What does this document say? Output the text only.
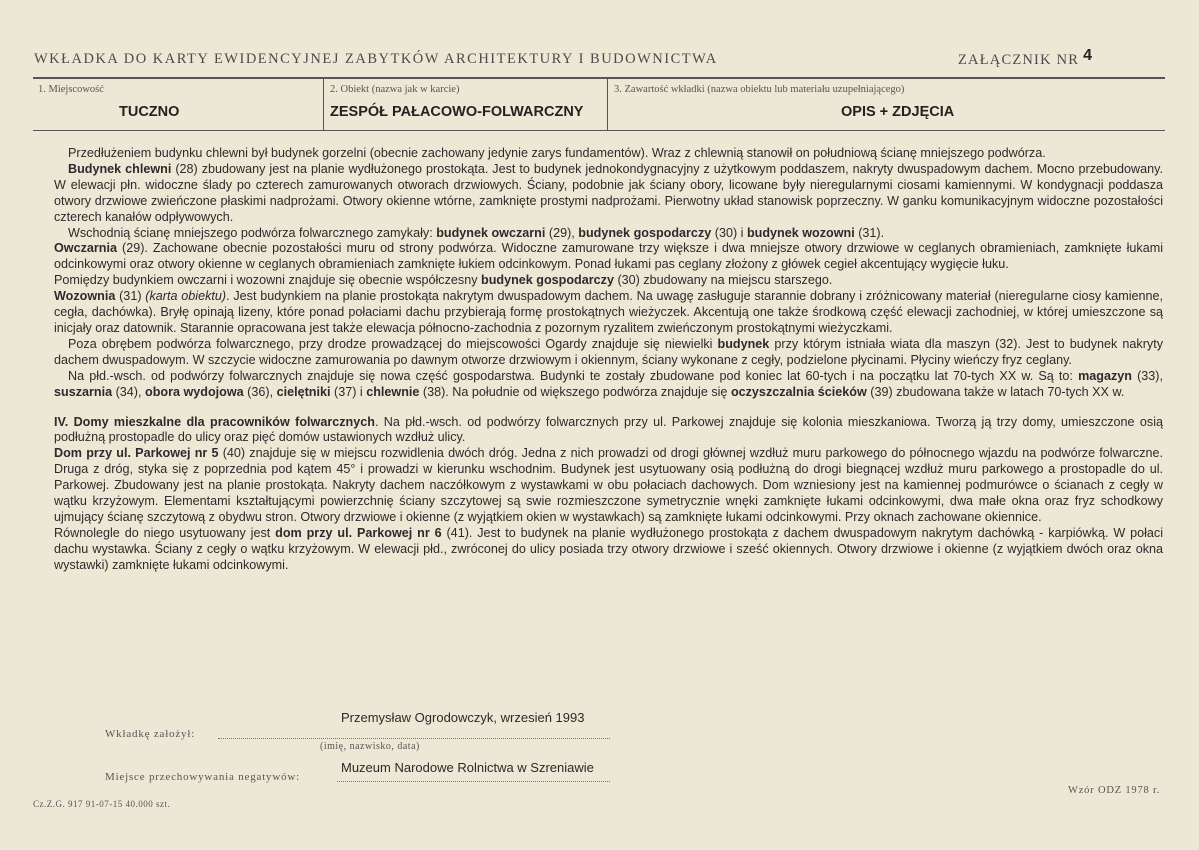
WKŁADKA DO KARTY EWIDENCYJNEJ ZABYTKÓW ARCHITEKTURY I BUDOWNICTWA	ZAŁĄCZNIK NR 4
1. Miejscowość
TUCZNO
2. Obiekt (nazwa jak w karcie)
ZESPÓŁ PAŁACOWO-FOLWARCZNY
3. Zawartość wkładki (nazwa obiektu lub materiału uzupełniającego)
OPIS + ZDJĘCIA

Przedłużeniem budynku chlewni był budynek gorzelni (obecnie zachowany jedynie zarys fundamentów). Wraz z chlewnią stanowił on południową ścianę mniejszego podwórza.

Budynek chlewni (28) zbudowany jest na planie wydłużonego prostokąta. Jest to budynek jednokondygnacyjny z użytkowym poddaszem, nakryty dwuspadowym dachem. Mocno przebudowany. W elewacji płn. widoczne ślady po czterech zamurowanych otworach drzwiowych. Ściany, podobnie jak ściany obory, licowane były nieregularnymi ciosami kamiennymi. W kondygnacji poddasza otwory drzwiowe zwieńczone płaskimi nadprożami. Otwory okienne wtórne, zamknięte prostymi nadprożami. Pierwotny układ stanowisk poprzeczny. W ganku komunikacyjnym widoczne pozostałości czterech kanałów odpływowych.

Wschodnią ścianę mniejszego podwórza folwarcznego zamykały: budynek owczarni (29), budynek gospodarczy (30) i budynek wozowni (31).

Owczarnia (29). Zachowane obecnie pozostałości muru od strony podwórza. Widoczne zamurowane trzy większe i dwa mniejsze otwory drzwiowe w ceglanych obramieniach, zamknięte łukami odcinkowymi oraz otwory okienne w ceglanych obramieniach zamknięte łukiem odcinkowym. Ponad łukami pas ceglany złożony z główek cegieł akcentujący wygięcie łuku.

Pomiędzy budynkiem owczarni i wozowni znajduje się obecnie współczesny budynek gospodarczy (30) zbudowany na miejscu starszego.

Wozownia (31) (karta obiektu). Jest budynkiem na planie prostokąta nakrytym dwuspadowym dachem. Na uwagę zasługuje starannie dobrany i zróżnicowany materiał (nieregularne ciosy kamienne, cegła, dachówka). Bryłę opinają lizeny, które ponad połaciami dachu przybierają formę prostokątnych wieżyczek. Akcentują one także środkową część elewacji zachodniej, w której umieszczone są inicjały oraz datownik. Starannie opracowana jest także elewacja północno-zachodnia z pozornym ryzalitem zwieńczonym prostokątnymi wieżyczkami.

Poza obrębem podwórza folwarcznego, przy drodze prowadzącej do miejscowości Ogardy znajduje się niewielki budynek przy którym istniała wiata dla maszyn (32). Jest to budynek nakryty dachem dwuspadowym. W szczycie widoczne zamurowania po dawnym otworze drzwiowym i okiennym, ściany wykonane z cegły, podzielone płycinami. Płyciny wieńczy fryz ceglany.

Na płd.-wsch. od podwórzy folwarcznych znajduje się nowa część gospodarstwa. Budynki te zostały zbudowane pod koniec lat 60-tych i na początku lat 70-tych XX w. Są to: magazyn (33), suszarnia (34), obora wydojowa (36), cielętniki (37) i chlewnie (38). Na południe od większego podwórza znajduje się oczyszczalnia ścieków (39) zbudowana także w latach 70-tych XX w.

IV. Domy mieszkalne dla pracowników folwarcznych. Na płd.-wsch. od podwórzy folwarcznych przy ul. Parkowej znajduje się kolonia mieszkaniowa. Tworzą ją trzy domy, umieszczone osią podłużną prostopadle do ulicy oraz pięć domów ustawionych wzdłuż ulicy.

Dom przy ul. Parkowej nr 5 (40) znajduje się w miejscu rozwidlenia dwóch dróg. Jedna z nich prowadzi od drogi głównej wzdłuż muru parkowego do północnego wjazdu na podwórze folwarczne. Druga z dróg, styka się z poprzednia pod kątem 45° i prowadzi w kierunku wschodnim. Budynek jest usytuowany osią podłużną do drogi biegnącej wzdłuż muru parkowego a prostopadle do ul. Parkowej. Zbudowany jest na planie prostokąta. Nakryty dachem naczółkowym z wystawkami w obu połaciach dachowych. Dom wzniesiony jest na kamiennej podmurówce o ścianach z cegły w wątku krzyżowym. Elementami kształtującymi powierzchnię ściany szczytowej są swie rozmieszczone symetrycznie wnęki zamknięte łukami odcinkowymi, dwa małe okna oraz fryz schodkowy ujmujący ścianę szczytową z obydwu stron. Otwory drzwiowe i okienne (z wyjątkiem okien w wystawkach) są zamknięte łukami odcinkowymi. Przy oknach zachowane okiennice.

Równolegle do niego usytuowany jest dom przy ul. Parkowej nr 6 (41). Jest to budynek na planie wydłużonego prostokąta z dachem dwuspadowym nakrytym dachówką - karpiówką. W połaci dachu wystawka. Ściany z cegły o wątku krzyżowym. W elewacji płd., zwróconej do ulicy posiada trzy otwory drzwiowe i sześć okiennych. Otwory drzwiowe i okienne (z wyjątkiem dwóch oraz okna wystawki) zamknięte łukami odcinkowymi.

Przemysław Ogrodowczyk, wrzesień 1993
Wkładkę założył:
(imię, nazwisko, data)
Muzeum Narodowe Rolnictwa w Szreniawie
Miejsce przechowywania negatywów:
Cz.Z.G. 917 91-07-15 40.000 szt.
Wzór ODZ 1978 r.
